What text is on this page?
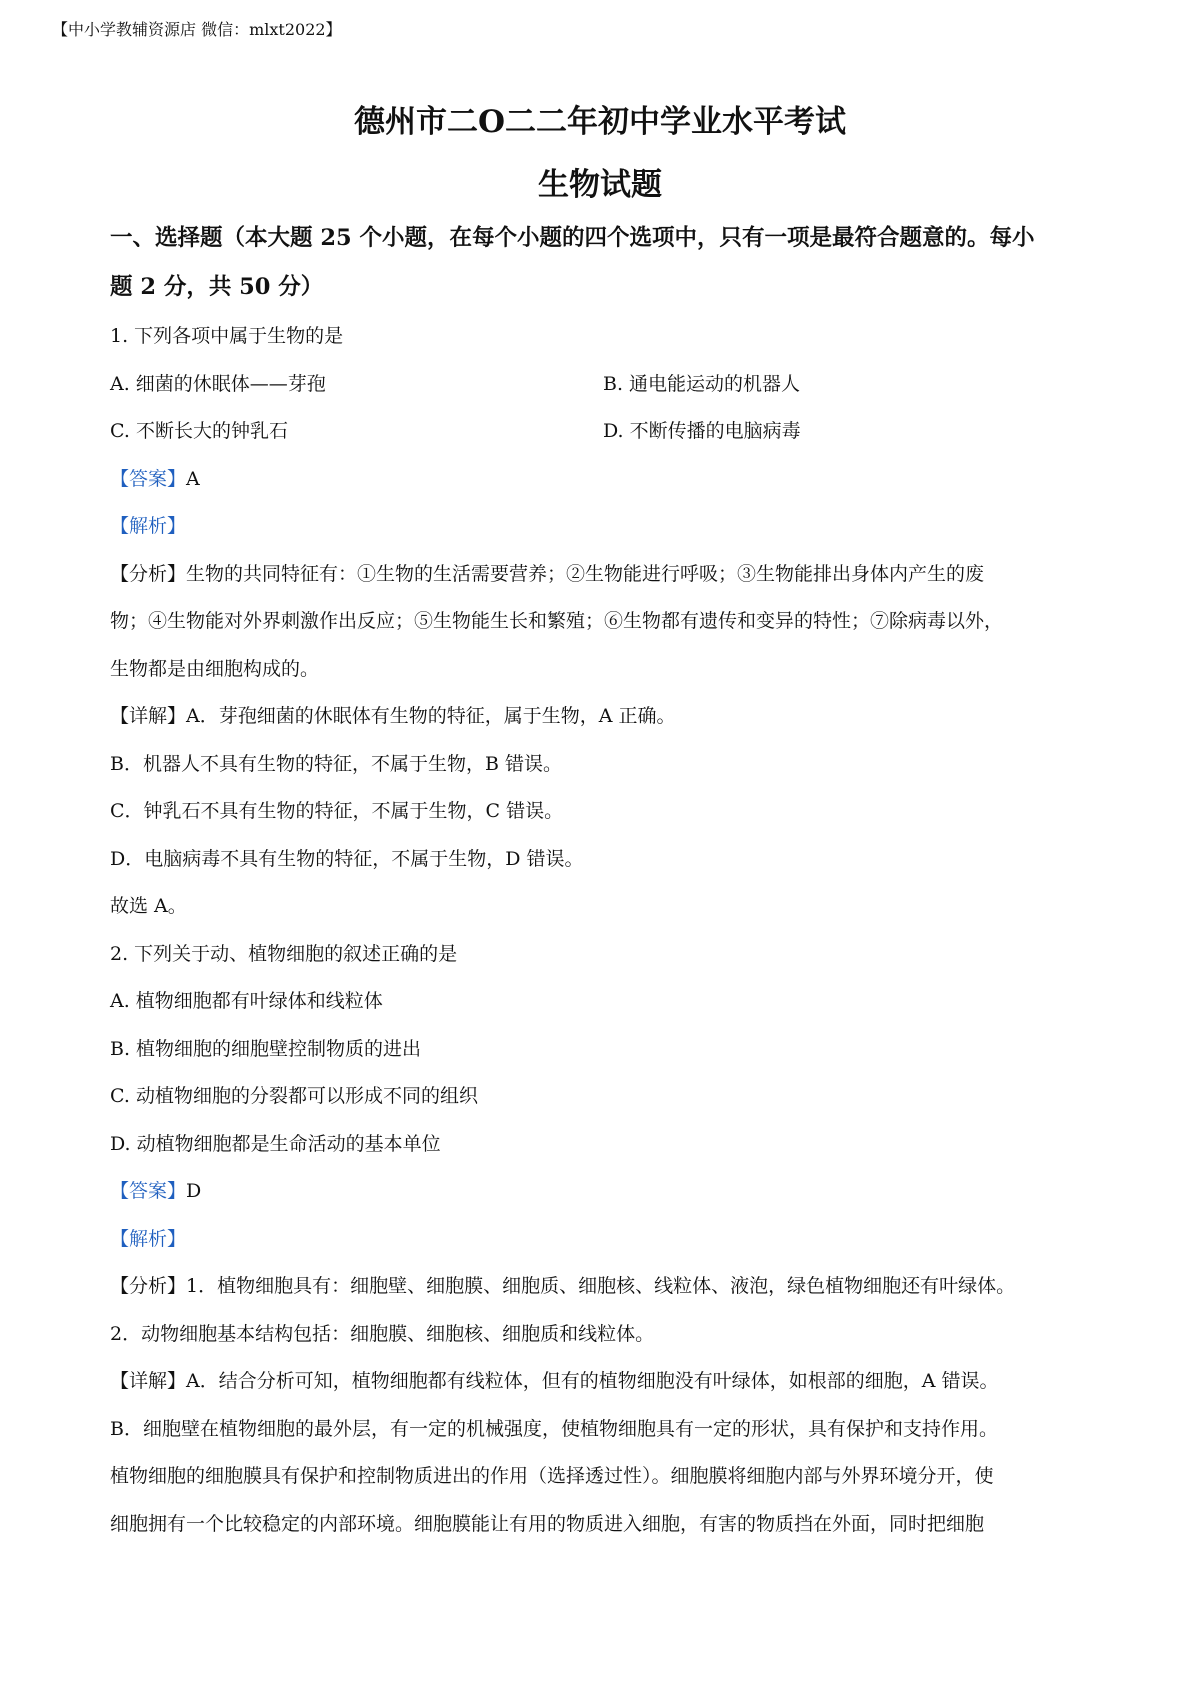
【中小学教辅资源店 微信：mlxt2022】
德州市二O二二年初中学业水平考试
生物试题
一、选择题（本大题 25 个小题，在每个小题的四个选项中，只有一项是最符合题意的。每小
题 2 分，共 50 分）
1. 下列各项中属于生物的是
A. 细菌的休眠体——芽孢	B. 通电能运动的机器人
C. 不断长大的钟乳石	D. 不断传播的电脑病毒
【答案】A
【解析】
【分析】生物的共同特征有：①生物的生活需要营养；②生物能进行呼吸；③生物能排出身体内产生的废
物；④生物能对外界刺激作出反应；⑤生物能生长和繁殖；⑥生物都有遗传和变异的特性；⑦除病毒以外，
生物都是由细胞构成的。
【详解】A．芽孢细菌的休眠体有生物的特征，属于生物，A 正确。
B．机器人不具有生物的特征，不属于生物，B 错误。
C．钟乳石不具有生物的特征，不属于生物，C 错误。
D．电脑病毒不具有生物的特征，不属于生物，D 错误。
故选 A。
2. 下列关于动、植物细胞的叙述正确的是
A. 植物细胞都有叶绿体和线粒体
B. 植物细胞的细胞壁控制物质的进出
C. 动植物细胞的分裂都可以形成不同的组织
D. 动植物细胞都是生命活动的基本单位
【答案】D
【解析】
【分析】1．植物细胞具有：细胞壁、细胞膜、细胞质、细胞核、线粒体、液泡，绿色植物细胞还有叶绿体。
2．动物细胞基本结构包括：细胞膜、细胞核、细胞质和线粒体。
【详解】A．结合分析可知，植物细胞都有线粒体，但有的植物细胞没有叶绿体，如根部的细胞，A 错误。
B．细胞壁在植物细胞的最外层，有一定的机械强度，使植物细胞具有一定的形状，具有保护和支持作用。
植物细胞的细胞膜具有保护和控制物质进出的作用（选择透过性）。细胞膜将细胞内部与外界环境分开，使
细胞拥有一个比较稳定的内部环境。细胞膜能让有用的物质进入细胞，有害的物质挡在外面，同时把细胞
